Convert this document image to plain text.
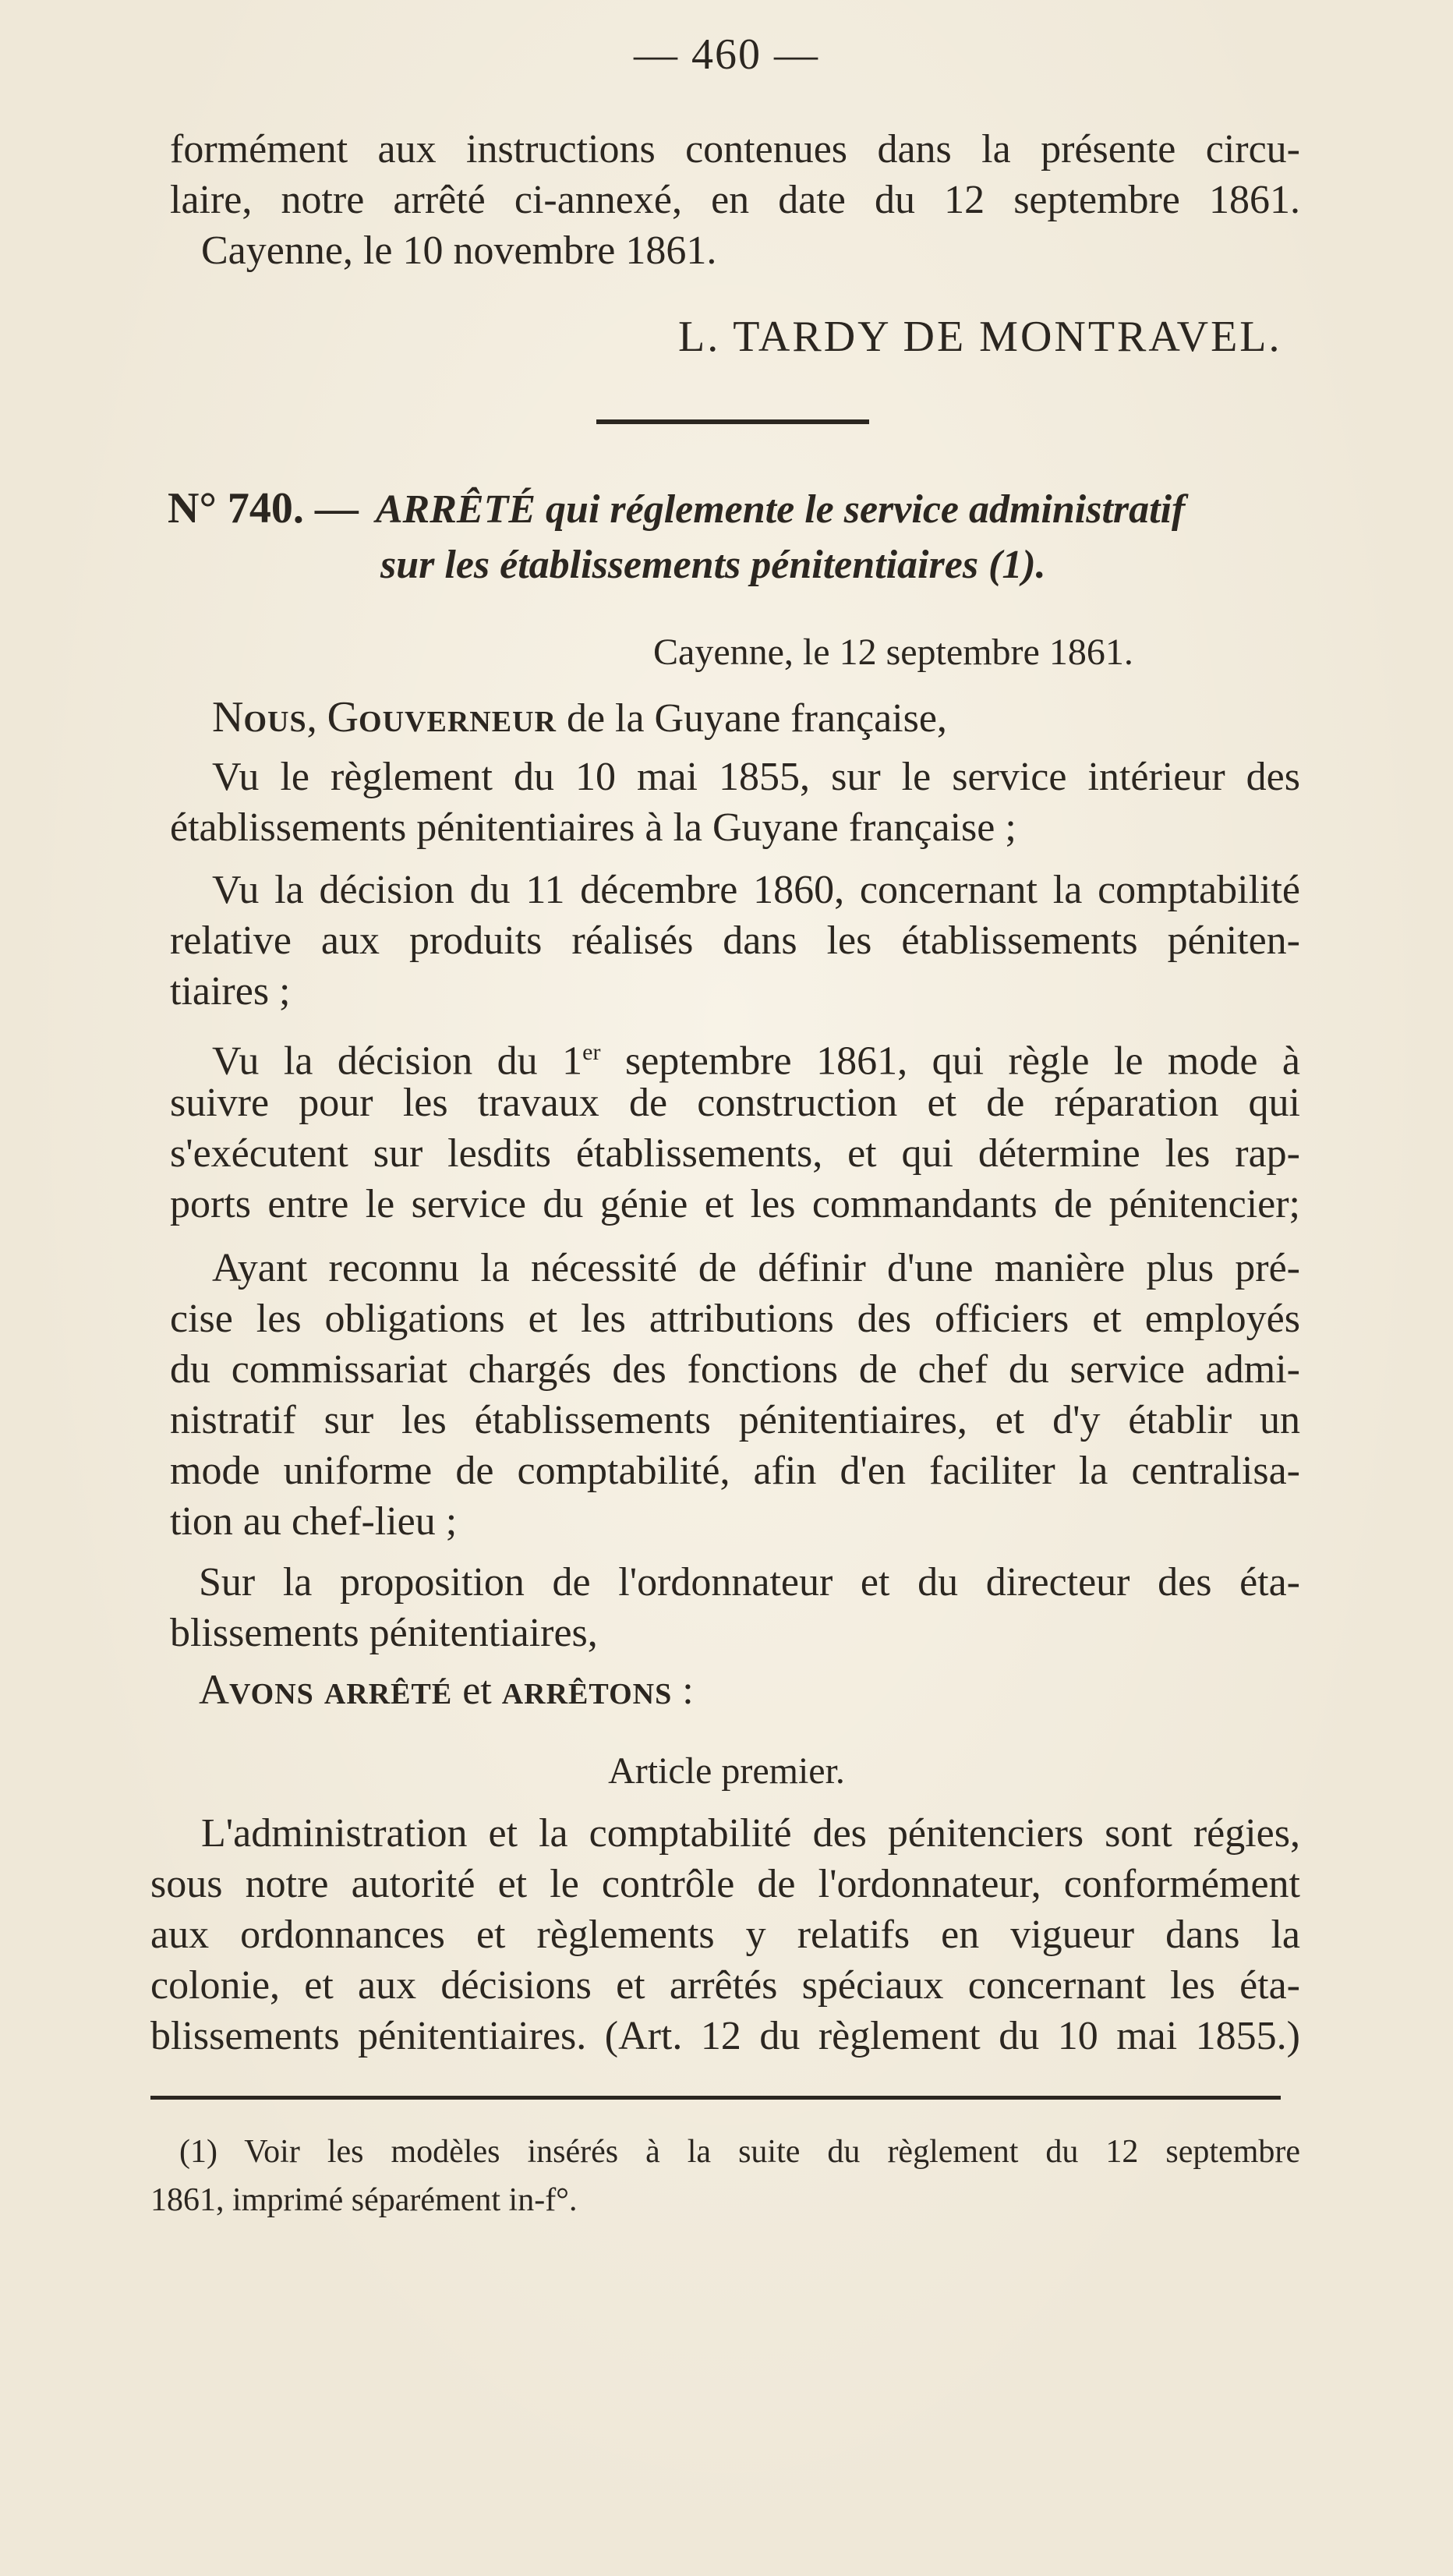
— 460 —
formément aux instructions contenues dans la présente circu-
laire, notre arrêté ci-annexé, en date du 12 septembre 1861.
Cayenne, le 10 novembre 1861.
L. TARDY DE MONTRAVEL.
N° 740. — ARRÊTÉ qui réglemente le service administratif
sur les établissements pénitentiaires (1).
Cayenne, le 12 septembre 1861.
NOUS, GOUVERNEUR de la Guyane française,
Vu le règlement du 10 mai 1855, sur le service intérieur des
établissements pénitentiaires à la Guyane française ;
Vu la décision du 11 décembre 1860, concernant la comptabilité
relative aux produits réalisés dans les établissements péniten-
tiaires ;
Vu la décision du 1er septembre 1861, qui règle le mode à
suivre pour les travaux de construction et de réparation qui
s'exécutent sur lesdits établissements, et qui détermine les rap-
ports entre le service du génie et les commandants de pénitencier;
Ayant reconnu la nécessité de définir d'une manière plus pré-
cise les obligations et les attributions des officiers et employés
du commissariat chargés des fonctions de chef du service admi-
nistratif sur les établissements pénitentiaires, et d'y établir un
mode uniforme de comptabilité, afin d'en faciliter la centralisa-
tion au chef-lieu ;
Sur la proposition de l'ordonnateur et du directeur des éta-
blissements pénitentiaires,
AVONS ARRÊTÉ et ARRÊTONS :
Article premier.
L'administration et la comptabilité des pénitenciers sont régies,
sous notre autorité et le contrôle de l'ordonnateur, conformément
aux ordonnances et règlements y relatifs en vigueur dans la
colonie, et aux décisions et arrêtés spéciaux concernant les éta-
blissements pénitentiaires. (Art. 12 du règlement du 10 mai 1855.)
(1) Voir les modèles insérés à la suite du règlement du 12 septembre
1861, imprimé séparément in-f°.
